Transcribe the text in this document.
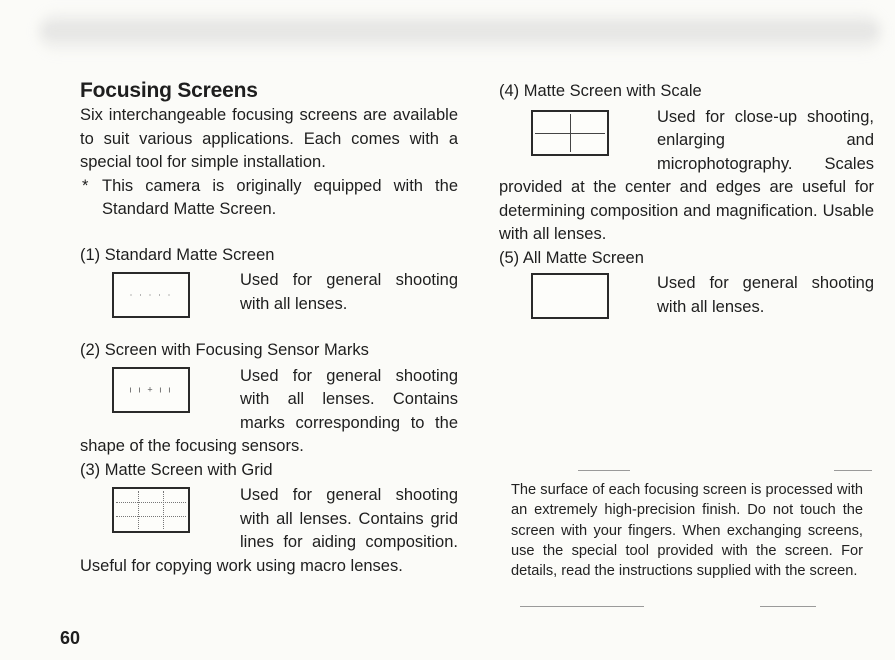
Focusing Screens

Six interchangeable focusing screens are available to suit various applications. Each comes with a special tool for simple installation.

* This camera is originally equipped with the Standard Matte Screen.
(1) Standard Matte Screen
· · · · ·
Used for general shooting with all lenses.
(2) Screen with Focusing Sensor Marks
ı ı + ı ı
Used for general shooting with all lenses. Contains marks corresponding to the shape of the focusing sensors.
(3) Matte Screen with Grid
Used for general shooting with all lenses. Contains grid lines for aiding composition. Useful for copying work using macro lenses.
(4) Matte Screen with Scale
Used for close-up shooting, enlarging and microphotography. Scales provided at the center and edges are useful for determining composition and magnification. Usable with all lenses.
(5) All Matte Screen
Used for general shooting with all lenses.

The surface of each focusing screen is processed with an extremely high-precision finish. Do not touch the screen with your fingers. When exchanging screens, use the special tool provided with the screen. For details, read the instructions supplied with the screen.

60
